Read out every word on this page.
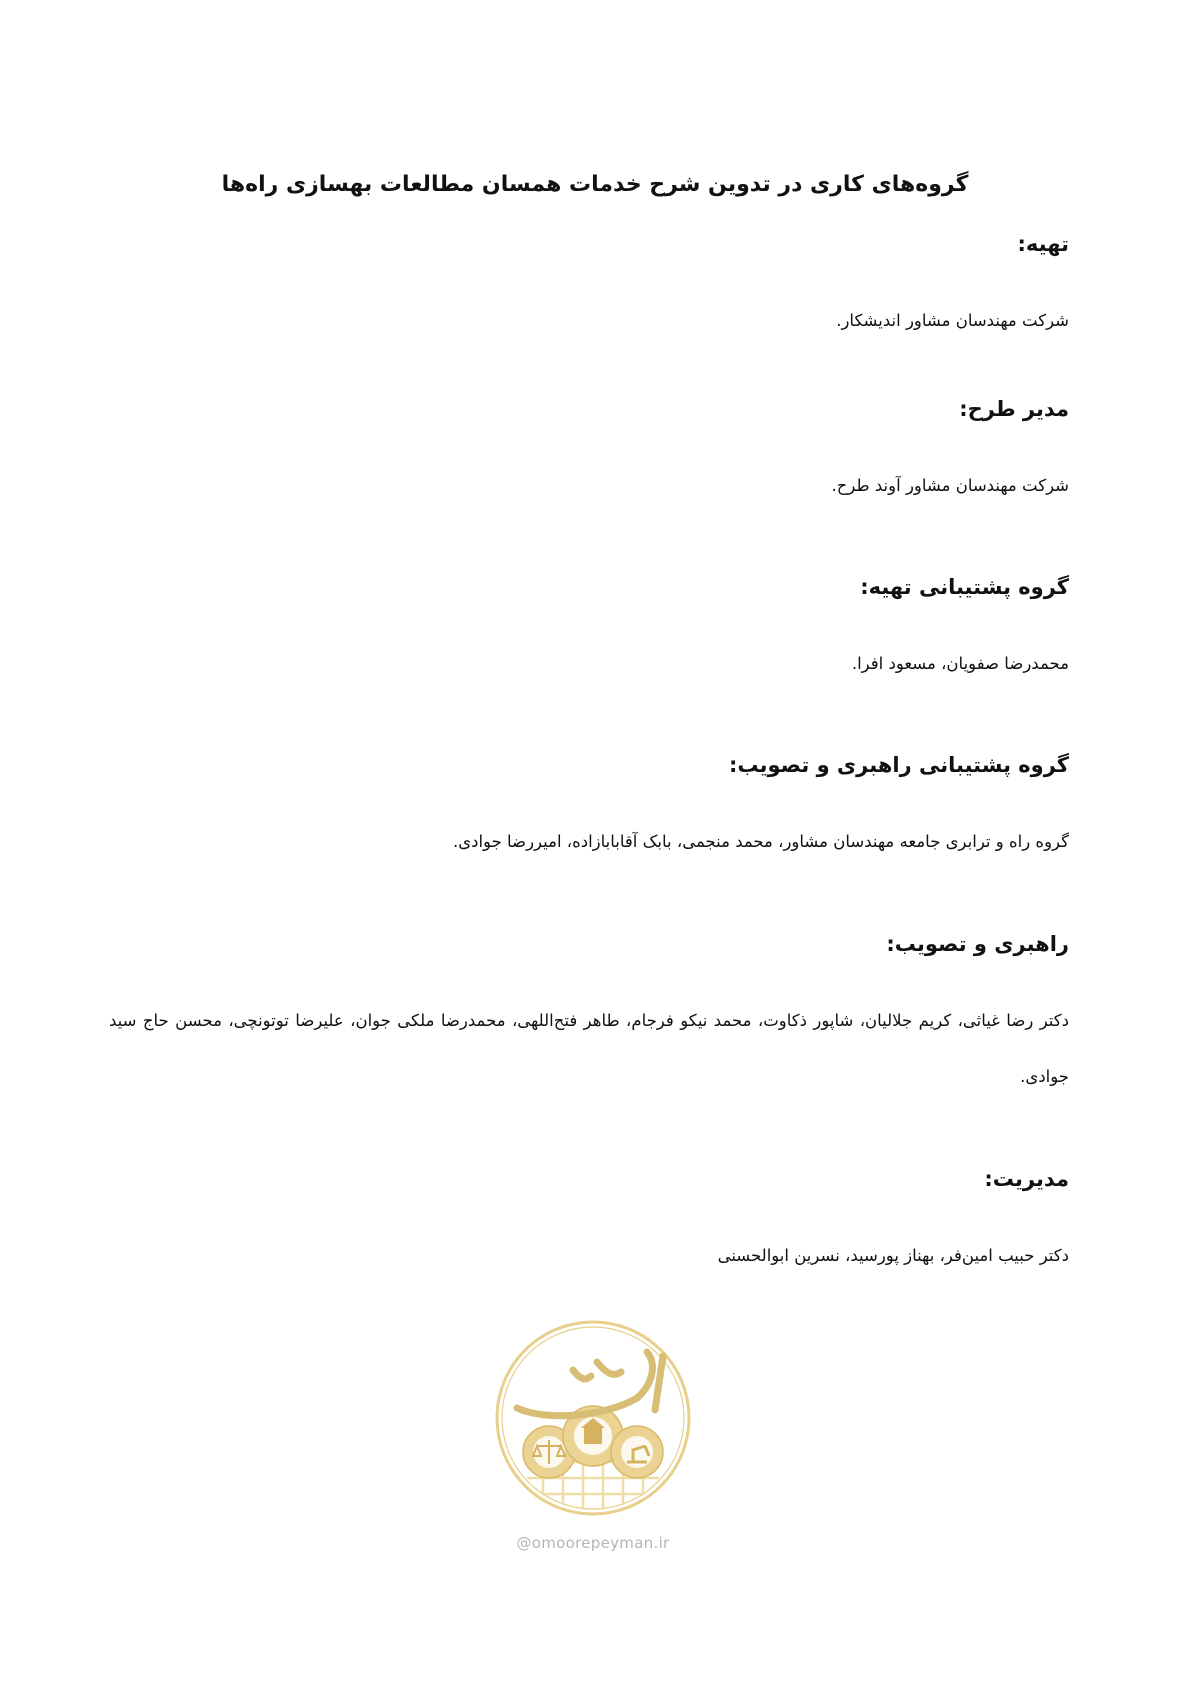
گروه‌های کاری در تدوین شرح خدمات همسان مطالعات بهسازی راه‌ها
تهیه:

شرکت مهندسان مشاور اندیشکار.

مدیر طرح:

شرکت مهندسان مشاور آوند طرح.

گروه پشتیبانی تهیه:

محمدرضا صفویان، مسعود افرا.

گروه پشتیبانی راهبری و تصویب:

گروه راه و ترابری جامعه مهندسان مشاور، محمد منجمی، بابک آقابابازاده، امیررضا جوادی.

راهبری و تصویب:

دکتر رضا غیاثی، کریم جلالیان، شاپور ذکاوت، محمد نیکو فرجام، طاهر فتح‌اللهی، محمدرضا ملکی جوان، علیرضا توتونچی، محسن حاج سید جوادی.

مدیریت:

دکتر حبیب امین‌فر، بهناز پورسید، نسرین ابوالحسنی

@omoorepeyman.ir
